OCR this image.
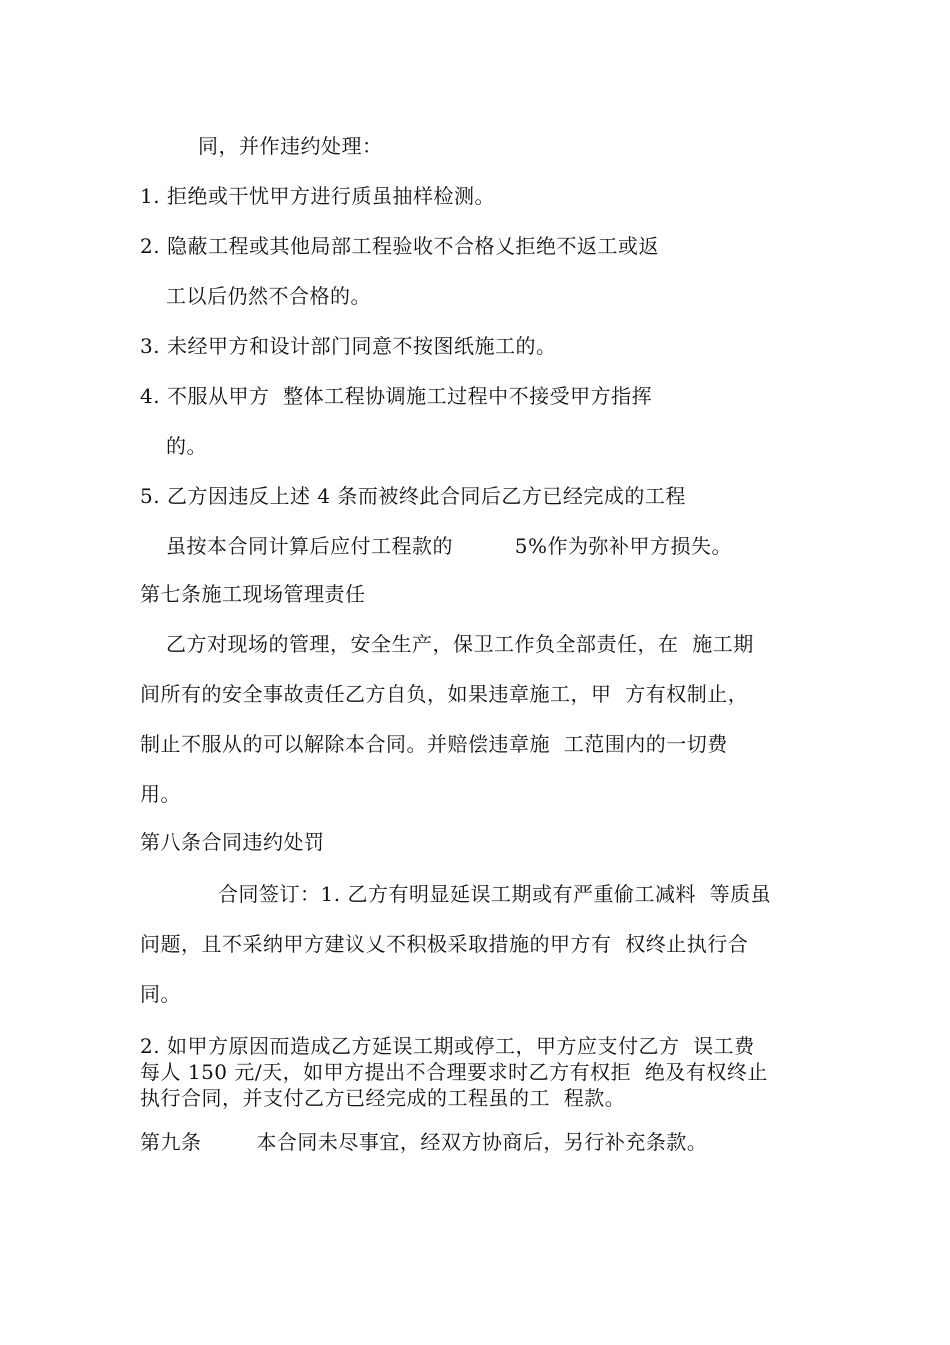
同，并作违约处理：
1. 拒绝或干忧甲方进行质虽抽样检测。
2. 隐蔽工程或其他局部工程验收不合格乂拒绝不返工或返
工以后仍然不合格的。
3. 未经甲方和设计部门同意不按图纸施工的。
4. 不服从甲方  整体工程协调施工过程中不接受甲方指挥
的。
5. 乙方因违反上述 4 条而被终此合同后乙方已经完成的工程
虽按本合同计算后应付工程款的         5%作为弥补甲方损失。
第七条施工现场管理责任
乙方对现场的管理，安全生产，保卫工作负全部责任，在  施工期
间所有的安全事故责任乙方自负，如果违章施工，甲  方有权制止，
制止不服从的可以解除本合同。并赔偿违章施  工范围内的一切费
用。
第八条合同违约处罚
合同签订：1. 乙方有明显延误工期或有严重偷工减料  等质虽
问题，且不采纳甲方建议乂不积极采取措施的甲方有  权终止执行合
同。
2. 如甲方原因而造成乙方延误工期或停工，甲方应支付乙方  误工费
每人 150 元/天，如甲方提出不合理要求时乙方有权拒  绝及有权终止
执行合同，并支付乙方已经完成的工程虽的工  程款。
第九条        本合同未尽事宜，经双方协商后，另行补充条款。
